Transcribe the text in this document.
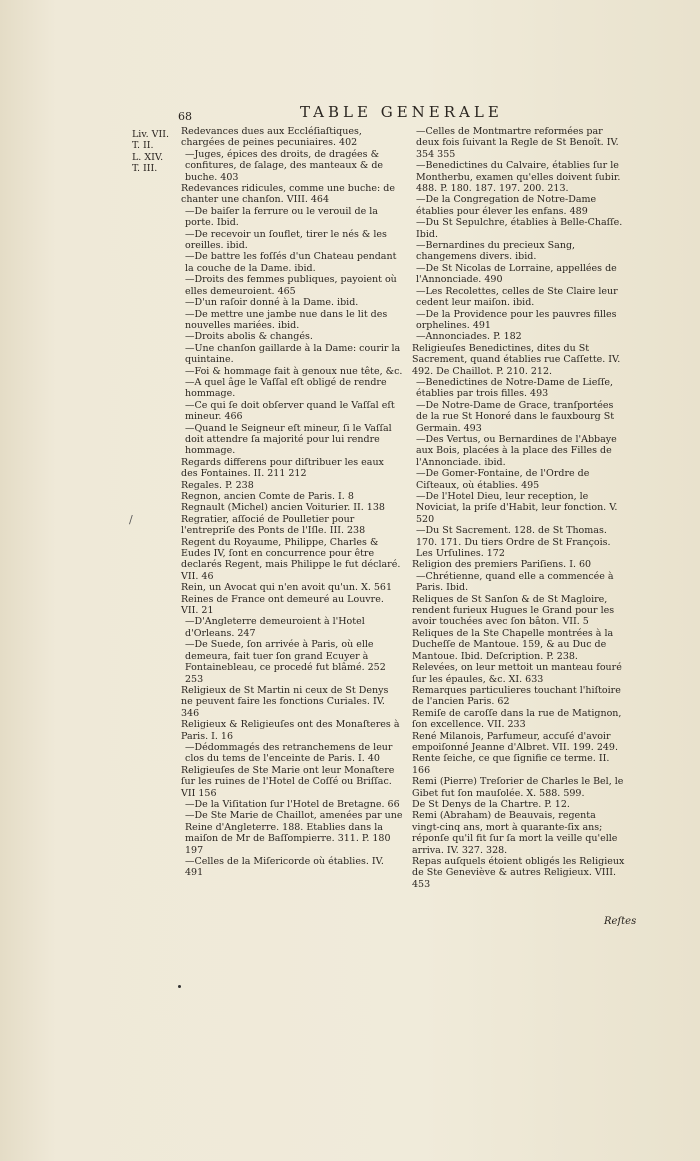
68	TABLE GENERALE
Liv. VII.
T. II.
L. XIV.
T. III.
/

Redevances dues aux Eccléſiaſtiques, chargées de peines pecuniaires. 402

—Juges, épices des droits, de dragées & confitures, de ſalage, des manteaux & de buche. 403

Redevances ridicules, comme une buche: de chanter une chanſon. VIII. 464

—De baiſer la ferrure ou le verouil de la porte. Ibid.

—De recevoir un ſouflet, tirer le nés & les oreilles. ibid.

—De battre les foſſés d'un Chateau pendant la couche de la Dame. ibid.

—Droits des femmes publiques, payoient où elles demeuroient. 465

—D'un raſoir donné à la Dame. ibid.

—De mettre une jambe nue dans le lit des nouvelles mariées. ibid.

—Droits abolis & changés.

—Une chanſon gaillarde à la Dame: courir la quintaine.

—Foi & hommage fait à genoux nue tête, &c.

—A quel âge le Vaſſal eſt obligé de rendre hommage.

—Ce qui ſe doit obſerver quand le Vaſſal eſt mineur. 466

—Quand le Seigneur eſt mineur, ſi le Vaſſal doit attendre ſa majorité pour lui rendre hommage.

Regards differens pour diſtribuer les eaux des Fontaines. II. 211 212

Regales. P. 238

Regnon, ancien Comte de Paris. I. 8

Regnault (Michel) ancien Voiturier. II. 138

Regratier, aſſocié de Poulletier pour l'entrepriſe des Ponts de l'Iſle. III. 238

Regent du Royaume, Philippe, Charles & Eudes IV, ſont en concurrence pour être declarés Regent, mais Philippe le fut déclaré. VII. 46

Rein, un Avocat qui n'en avoit qu'un. X. 561

Reines de France ont demeuré au Louvre. VII. 21

—D'Angleterre demeuroient à l'Hotel d'Orleans. 247

—De Suede, ſon arrivée à Paris, où elle demeura, fait tuer ſon grand Ecuyer à Fontainebleau, ce procedé fut blâmé. 252 253

Religieux de St Martin ni ceux de St Denys ne peuvent faire les fonctions Curiales. IV. 346

Religieux & Religieuſes ont des Monaſteres à Paris. I. 16

—Dédommagés des retranchemens de leur clos du tems de l'enceinte de Paris. I. 40

Religieuſes de Ste Marie ont leur Monaſtere ſur les ruines de l'Hotel de Coſſé ou Briſſac. VII 156

—De la Viſitation ſur l'Hotel de Bretagne. 66

—De Ste Marie de Chaillot, amenées par une Reine d'Angleterre. 188. Etablies dans la maiſon de Mr de Baſſompierre. 311. P. 180 197

—Celles de la Miſericorde où établies. IV. 491

—Celles de Montmartre reformées par deux fois ſuivant la Regle de St Benoît. IV. 354 355

—Benedictines du Calvaire, établies ſur le Montherbu, examen qu'elles doivent ſubir. 488. P. 180. 187. 197. 200. 213.

—De la Congregation de Notre-Dame établies pour élever les enfans. 489

—Du St Sepulchre, établies à Belle-Chaſſe. Ibid.

—Bernardines du precieux Sang, changemens divers. ibid.

—De St Nicolas de Lorraine, appellées de l'Annonciade. 490

—Les Recolettes, celles de Ste Claire leur cedent leur maiſon. ibid.

—De la Providence pour les pauvres filles orphelines. 491

—Annonciades. P. 182

Religieuſes Benedictines, dites du St Sacrement, quand établies rue Caſſette. IV. 492. De Chaillot. P. 210. 212.

—Benedictines de Notre-Dame de Lieſſe, établies par trois filles. 493

—De Notre-Dame de Grace, tranſportées de la rue St Honoré dans le fauxbourg St Germain. 493

—Des Vertus, ou Bernardines de l'Abbaye aux Bois, placées à la place des Filles de l'Annonciade. ibid.

—De Gomer-Fontaine, de l'Ordre de Ciſteaux, où établies. 495

—De l'Hotel Dieu, leur reception, le Noviciat, la priſe d'Habit, leur fonction. V. 520

—Du St Sacrement. 128. de St Thomas. 170. 171. Du tiers Ordre de St François. Les Urſulines. 172

Religion des premiers Pariſiens. I. 60

—Chrétienne, quand elle a commencée à Paris. Ibid.

Reliques de St Sanſon & de St Magloire, rendent furieux Hugues le Grand pour les avoir touchées avec ſon bâton. VII. 5

Reliques de la Ste Chapelle montrées à la Ducheſſe de Mantoue. 159, & au Duc de Mantoue. Ibid. Deſcription. P. 238.

Relevées, on leur mettoit un manteau fouré ſur les épaules, &c. XI. 633

Remarques particulieres touchant l'hiſtoire de l'ancien Paris. 62

Remiſe de caroſſe dans la rue de Matignon, ſon excellence. VII. 233

René Milanois, Parfumeur, accuſé d'avoir empoiſonné Jeanne d'Albret. VII. 199. 249.

Rente ſeiche, ce que ſignifie ce terme. II. 166

Remi (Pierre) Treſorier de Charles le Bel, le Gibet fut ſon mauſolée. X. 588. 599.

De St Denys de la Chartre. P. 12.

Remi (Abraham) de Beauvais, regenta vingt-cinq ans, mort à quarante-ſix ans; réponſe qu'il fit ſur ſa mort la veille qu'elle arriva. IV. 327. 328.

Repas auſquels étoient obligés les Religieux de Ste Geneviève & autres Religieux. VIII. 453

Reſtes
